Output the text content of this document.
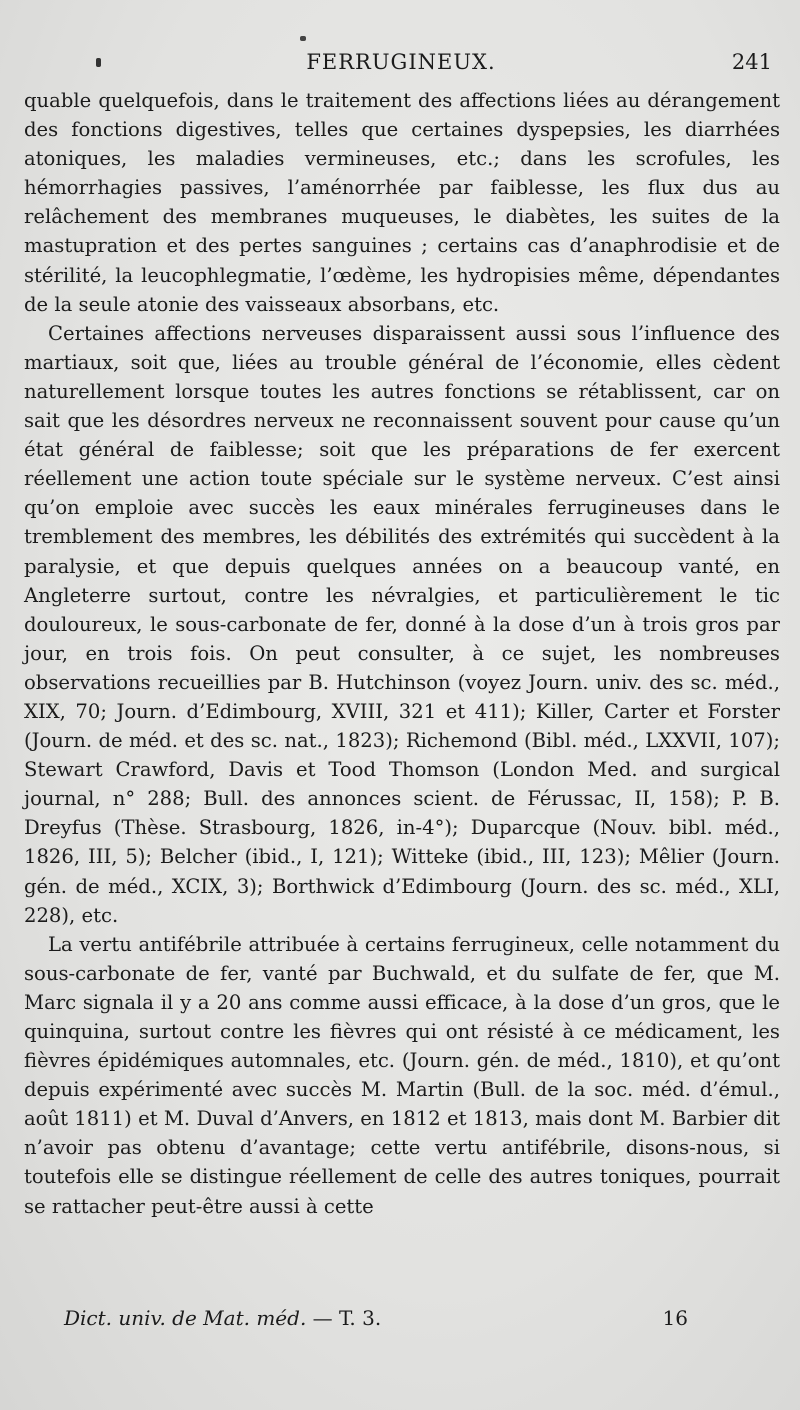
FERRUGINEUX.	241

quable quelquefois, dans le traitement des affections liées au dérangement des fonctions digestives, telles que certaines dyspepsies, les diarrhées atoniques, les maladies vermineuses, etc.; dans les scrofules, les hémorrhagies passives, l’aménorrhée par faiblesse, les flux dus au relâchement des membranes muqueuses, le diabètes, les suites de la mastupration et des pertes sanguines ; certains cas d’anaphrodisie et de stérilité, la leucophlegmatie, l’œdème, les hydropisies même, dépendantes de la seule atonie des vaisseaux absorbans, etc.

Certaines affections nerveuses disparaissent aussi sous l’influence des martiaux, soit que, liées au trouble général de l’économie, elles cèdent naturellement lorsque toutes les autres fonctions se rétablissent, car on sait que les désordres nerveux ne reconnaissent souvent pour cause qu’un état général de faiblesse; soit que les préparations de fer exercent réellement une action toute spéciale sur le système nerveux. C’est ainsi qu’on emploie avec succès les eaux minérales ferrugineuses dans le tremblement des membres, les débilités des extrémités qui succèdent à la paralysie, et que depuis quelques années on a beaucoup vanté, en Angleterre surtout, contre les névralgies, et particulièrement le tic douloureux, le sous-carbonate de fer, donné à la dose d’un à trois gros par jour, en trois fois. On peut consulter, à ce sujet, les nombreuses observations recueillies par B. Hutchinson (voyez Journ. univ. des sc. méd., XIX, 70; Journ. d’Edimbourg, XVIII, 321 et 411); Killer, Carter et Forster (Journ. de méd. et des sc. nat., 1823); Richemond (Bibl. méd., LXXVII, 107); Stewart Crawford, Davis et Tood Thomson (London Med. and surgical journal, n° 288; Bull. des annonces scient. de Férussac, II, 158); P. B. Dreyfus (Thèse. Strasbourg, 1826, in-4°); Duparcque (Nouv. bibl. méd., 1826, III, 5); Belcher (ibid., I, 121); Witteke (ibid., III, 123); Mêlier (Journ. gén. de méd., XCIX, 3); Borthwick d’Edimbourg (Journ. des sc. méd., XLI, 228), etc.

La vertu antifébrile attribuée à certains ferrugineux, celle notamment du sous-carbonate de fer, vanté par Buchwald, et du sulfate de fer, que M. Marc signala il y a 20 ans comme aussi efficace, à la dose d’un gros, que le quinquina, surtout contre les fièvres qui ont résisté à ce médicament, les fièvres épidémiques automnales, etc. (Journ. gén. de méd., 1810), et qu’ont depuis expérimenté avec succès M. Martin (Bull. de la soc. méd. d’émul., août 1811) et M. Duval d’Anvers, en 1812 et 1813, mais dont M. Barbier dit n’avoir pas obtenu d’avantage; cette vertu antifébrile, disons-nous, si toutefois elle se distingue réellement de celle des autres toniques, pourrait se rattacher peut-être aussi à cette

Dict. univ. de Mat. méd. — T. 3.	16
